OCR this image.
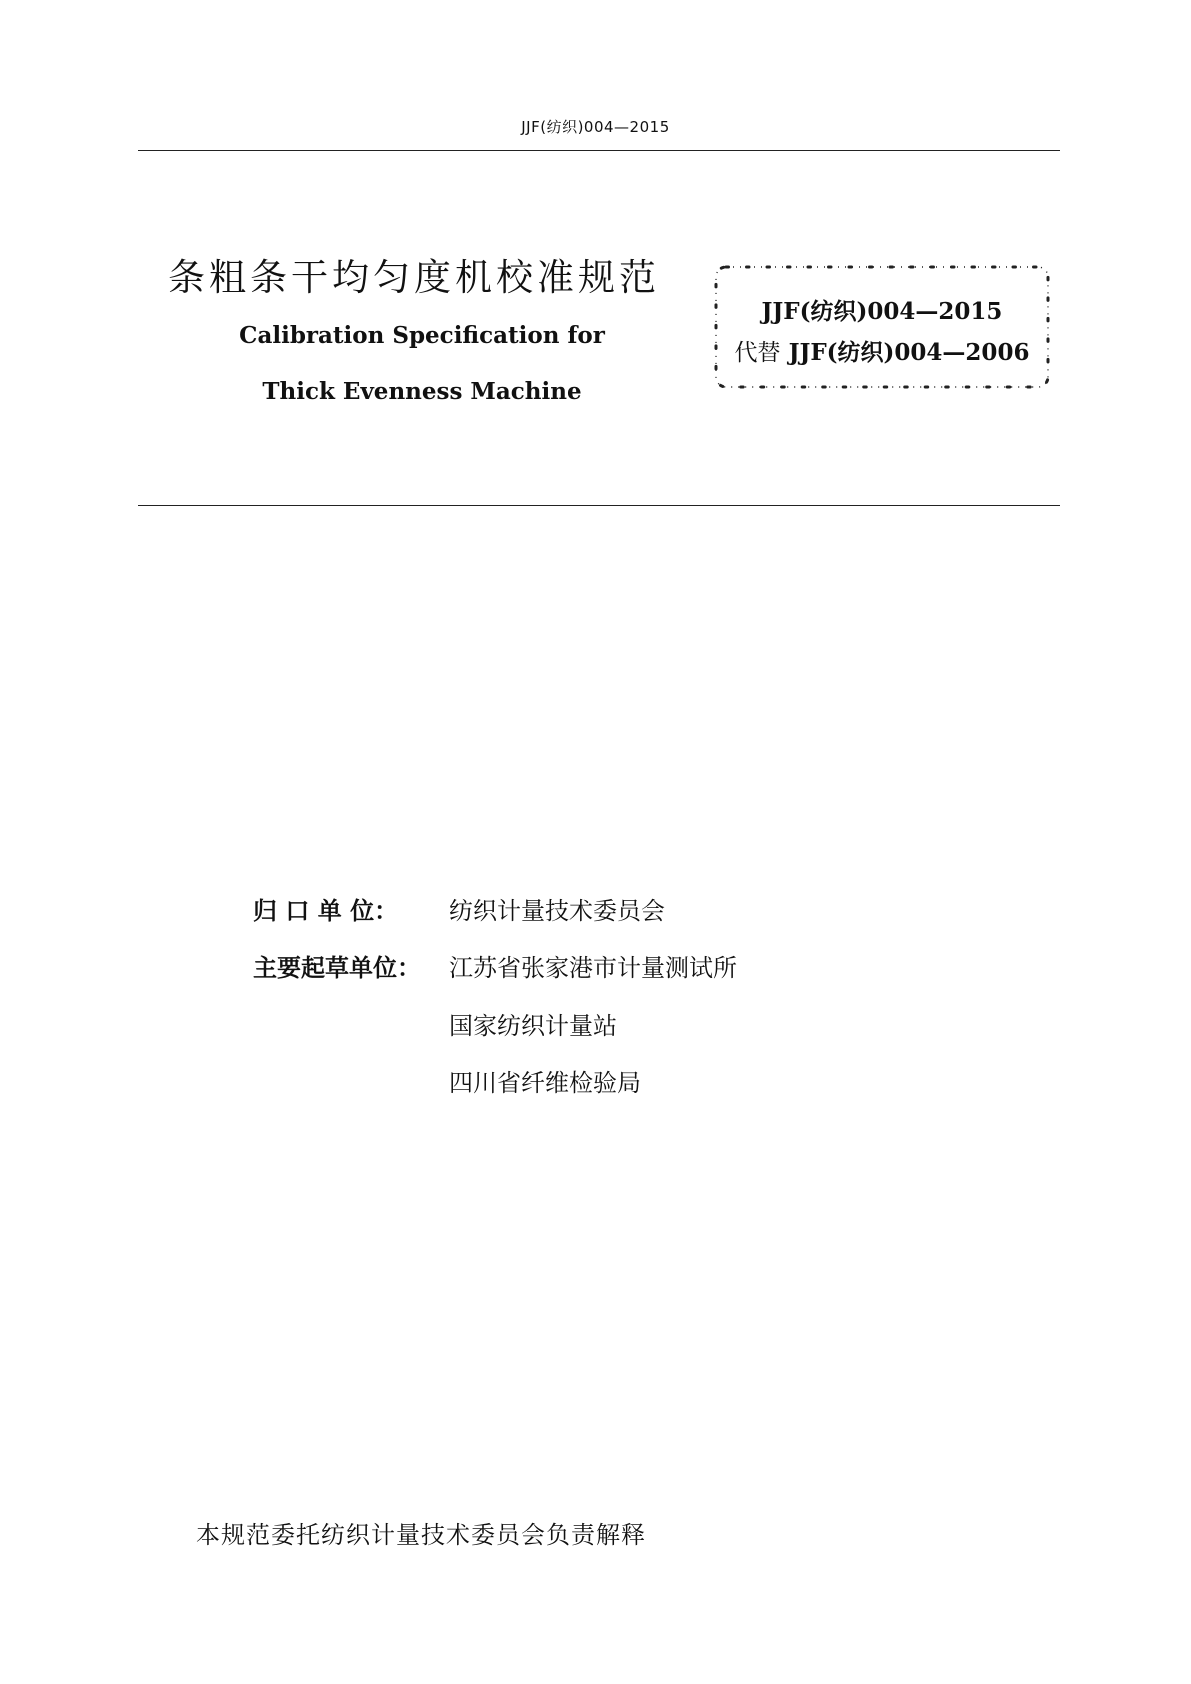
JJF(纺织)004—2015
条粗条干均匀度机校准规范
Calibration Specification for
Thick Evenness Machine
JJF(纺织)004—2015
代替 JJF(纺织)004—2006
归 口 单 位： 纺织计量技术委员会
主要起草单位： 江苏省张家港市计量测试所
国家纺织计量站
四川省纤维检验局
本规范委托纺织计量技术委员会负责解释
